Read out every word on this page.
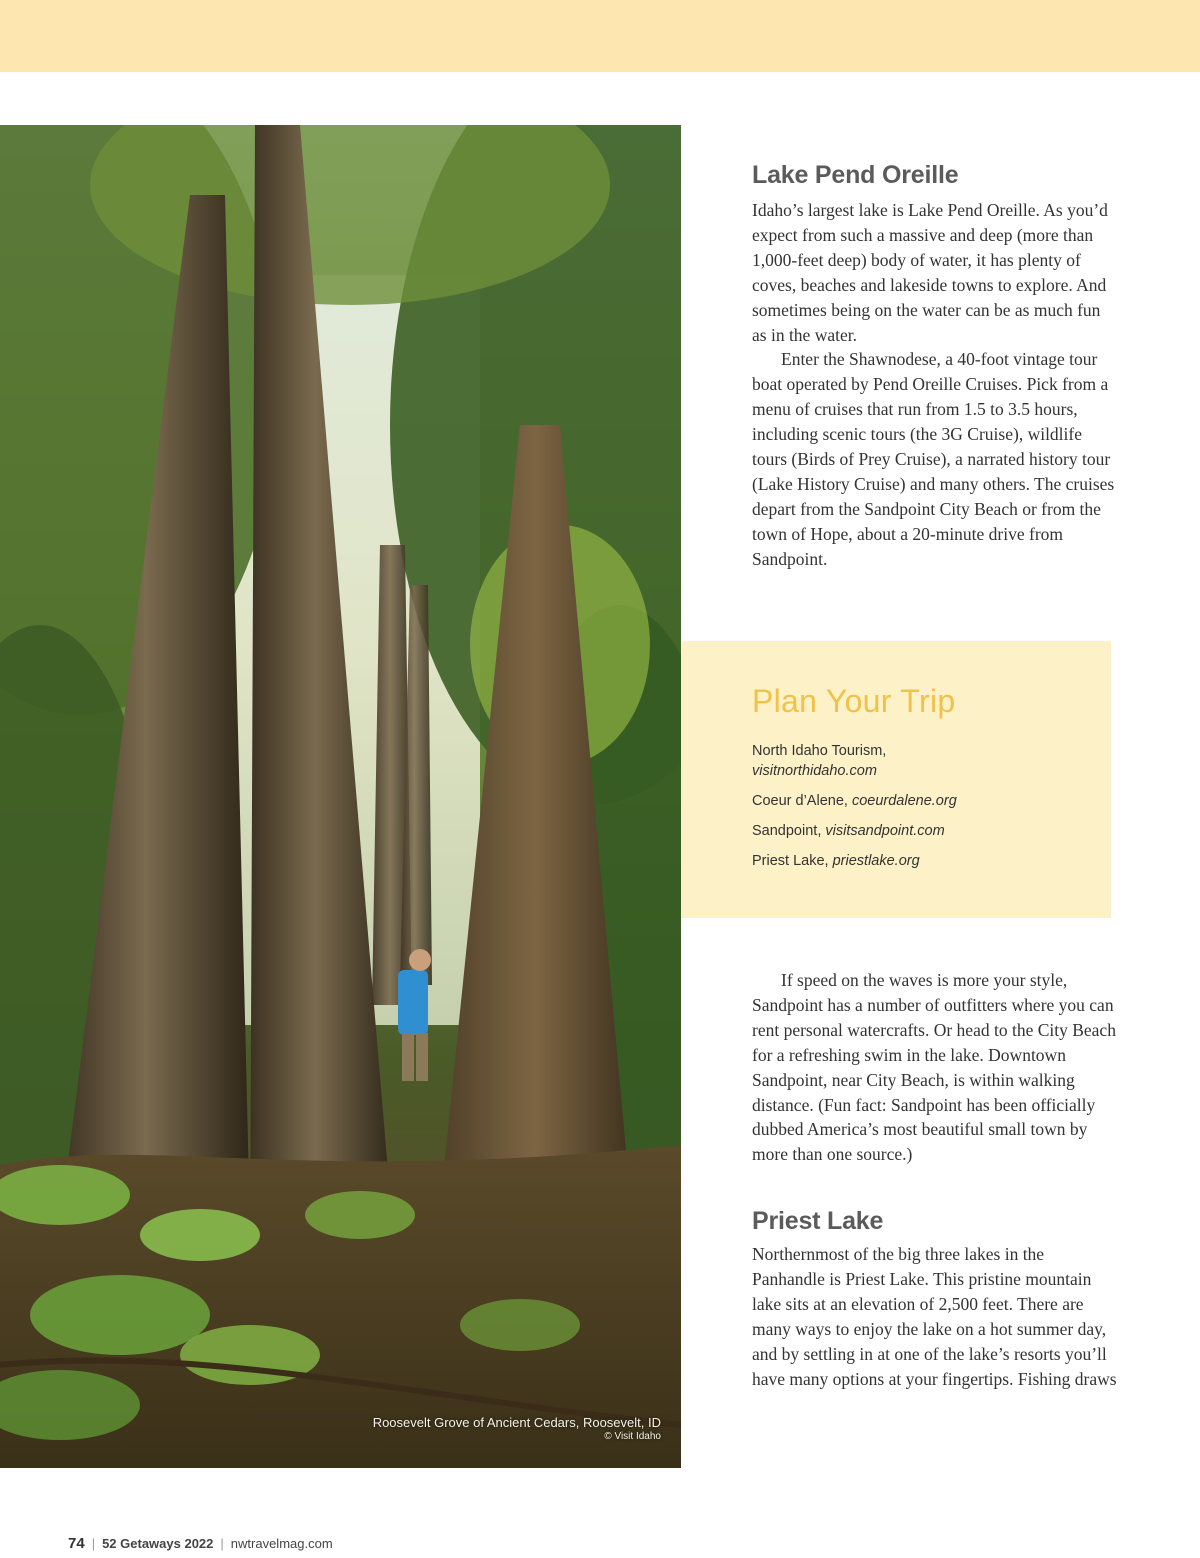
Roosevelt Grove of Ancient Cedars, Roosevelt, ID
© Visit Idaho
Lake Pend Oreille

Idaho’s largest lake is Lake Pend Oreille. As you’d expect from such a massive and deep (more than 1,000-feet deep) body of water, it has plenty of coves, beaches and lakeside towns to explore. And sometimes being on the water can be as much fun as in the water.

Enter the Shawnodese, a 40-foot vintage tour boat operated by Pend Oreille Cruises. Pick from a menu of cruises that run from 1.5 to 3.5 hours, including scenic tours (the 3G Cruise), wildlife tours (Birds of Prey Cruise), a narrated history tour (Lake History Cruise) and many others. The cruises depart from the Sandpoint City Beach or from the town of Hope, about a 20-minute drive from Sandpoint.

Plan Your Trip
North Idaho Tourism,
visitnorthidaho.com
Coeur d’Alene, coeurdalene.org
Sandpoint, visitsandpoint.com
Priest Lake, priestlake.org

If speed on the waves is more your style, Sandpoint has a number of outfitters where you can rent personal watercrafts. Or head to the City Beach for a refreshing swim in the lake. Downtown Sandpoint, near City Beach, is within walking distance. (Fun fact: Sandpoint has been officially dubbed America’s most beautiful small town by more than one source.)

Priest Lake

Northernmost of the big three lakes in the Panhandle is Priest Lake. This pristine mountain lake sits at an elevation of 2,500 feet. There are many ways to enjoy the lake on a hot summer day, and by settling in at one of the lake’s resorts you’ll have many options at your fingertips. Fishing draws

74 | 52 Getaways 2022 | nwtravelmag.com
